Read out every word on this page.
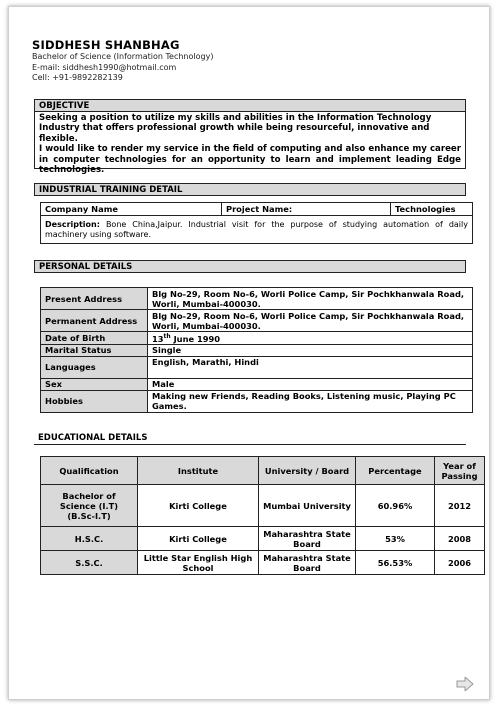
SIDDHESH SHANBHAG
Bachelor of Science (Information Technology)
E-mail: siddhesh1990@hotmail.com
Cell: +91-9892282139
OBJECTIVE
Seeking a position to utilize my skills and abilities in the Information Technology Industry that offers professional growth while being resourceful, innovative and flexible.
I would like to render my service in the field of computing and also enhance my career in computer technologies for an opportunity to learn and implement leading Edge technologies.
INDUSTRIAL TRAINING DETAIL
Company Name	Project Name:	Technologies
Description: Bone China,Jaipur. Industrial visit for the purpose of studying automation of daily machinery using software.
PERSONAL DETAILS
Present Address	Blg No-29, Room No-6, Worli Police Camp, Sir Pochkhanwala Road, Worli, Mumbai-400030.
Permanent Address	Blg No-29, Room No-6, Worli Police Camp, Sir Pochkhanwala Road, Worli, Mumbai-400030.
Date of Birth	13th June 1990
Marital Status	Single
Languages	English, Marathi, Hindi
Sex	Male
Hobbies	Making new Friends, Reading Books, Listening music, Playing PC Games.
EDUCATIONAL DETAILS
Qualification	Institute	University / Board	Percentage	Year of Passing
Bachelor of Science (I.T) (B.Sc-I.T)	Kirti College	Mumbai University	60.96%	2012
H.S.C.	Kirti College	Maharashtra State Board	53%	2008
S.S.C.	Little Star English High School	Maharashtra State Board	56.53%	2006
